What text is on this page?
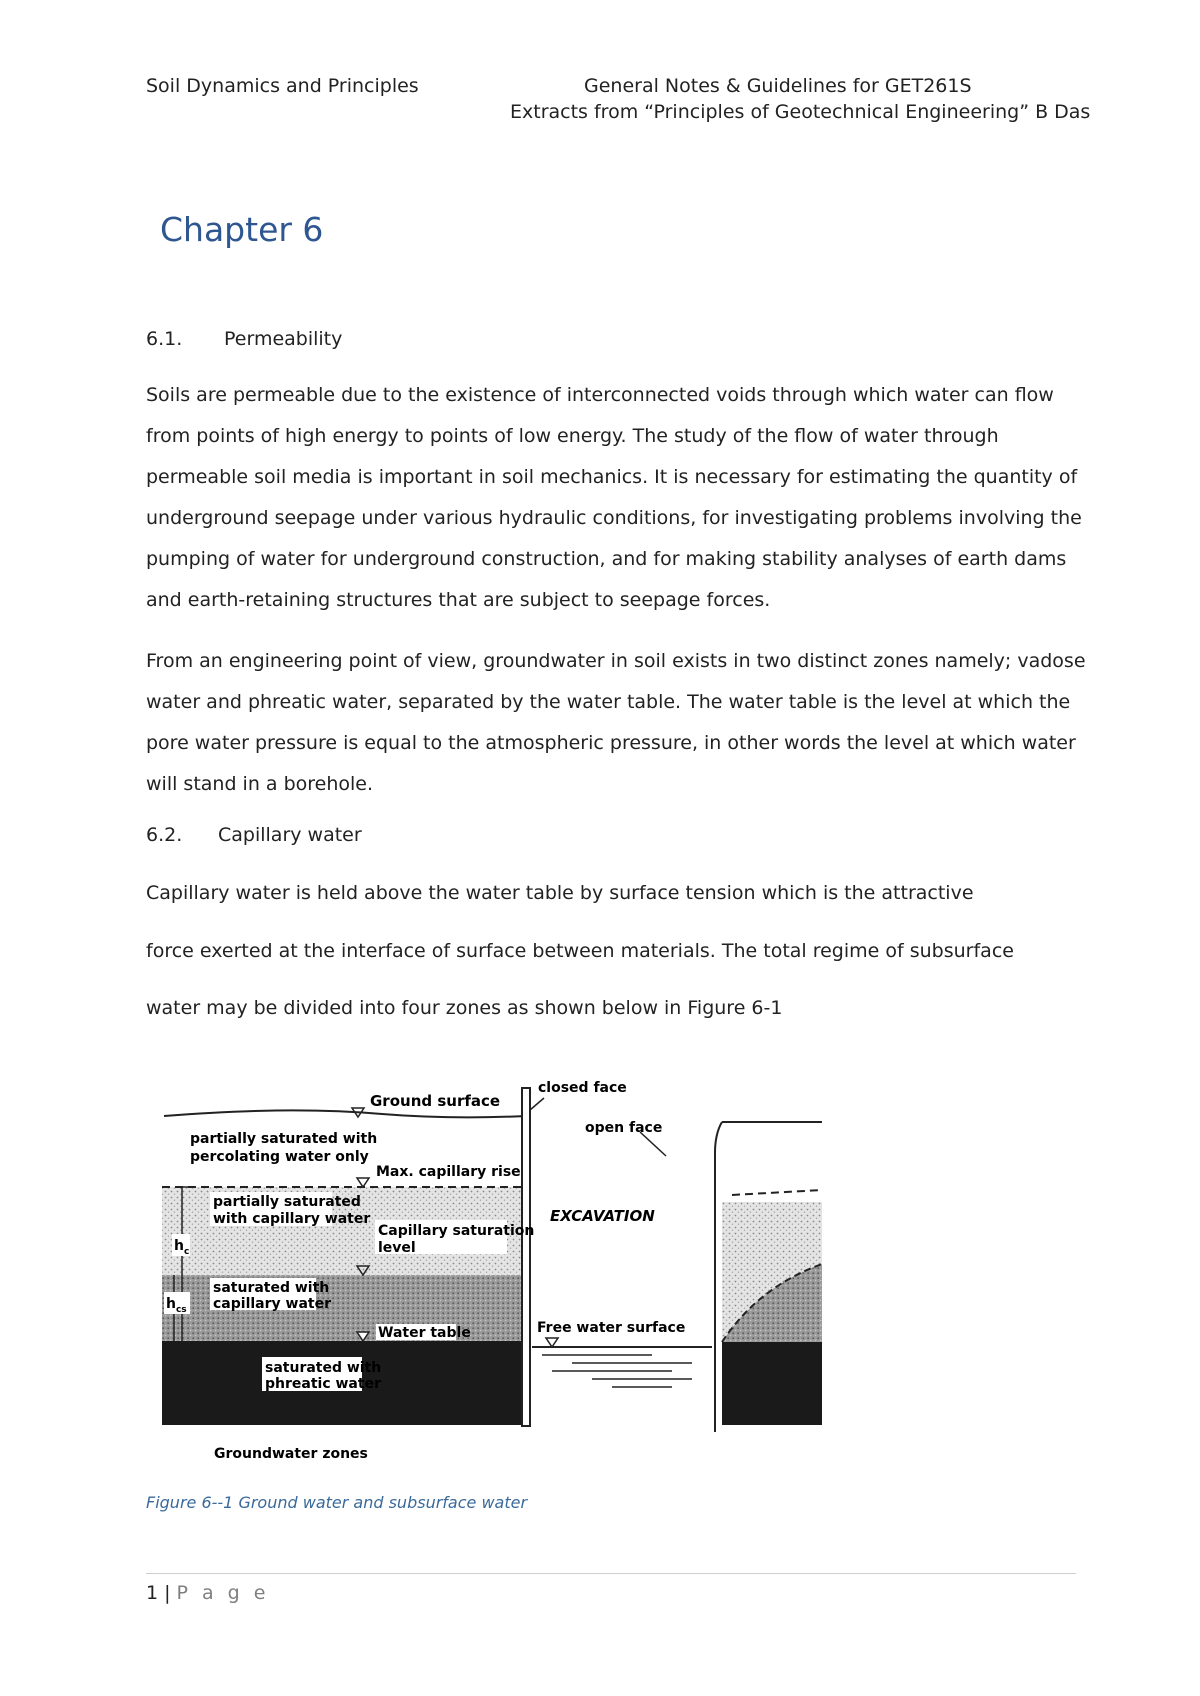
Soil Dynamics and Principles	General Notes & Guidelines for GET261S
Extracts from “Principles of Geotechnical Engineering” B Das
Chapter 6
6.1. Permeability
Soils are permeable due to the existence of interconnected voids through which water can flow from points of high energy to points of low energy. The study of the flow of water through permeable soil media is important in soil mechanics. It is necessary for estimating the quantity of underground seepage under various hydraulic conditions, for investigating problems involving the pumping of water for underground construction, and for making stability analyses of earth dams and earth-retaining structures that are subject to seepage forces.
From an engineering point of view, groundwater in soil exists in two distinct zones namely; vadose water and phreatic water, separated by the water table. The water table is the level at which the pore water pressure is equal to the atmospheric pressure, in other words the level at which water will stand in a borehole.
6.2. Capillary water
Capillary water is held above the water table by surface tension which is the attractive
force exerted at the interface of surface between materials. The total regime of subsurface
water may be divided into four zones as shown below in Figure 6-1
Ground surface
closed face
open face
partially saturated with
percolating water only
Max. capillary rise
partially saturated
with capillary water	EXCAVATION
Capillary saturation
level
$h_c$
$h_{cs}$
saturated with
capillary water
Water table	Free water surface
saturated with
phreatic water
Groundwater zones
Figure 6--1 Ground water and subsurface water
1 | P a g e
